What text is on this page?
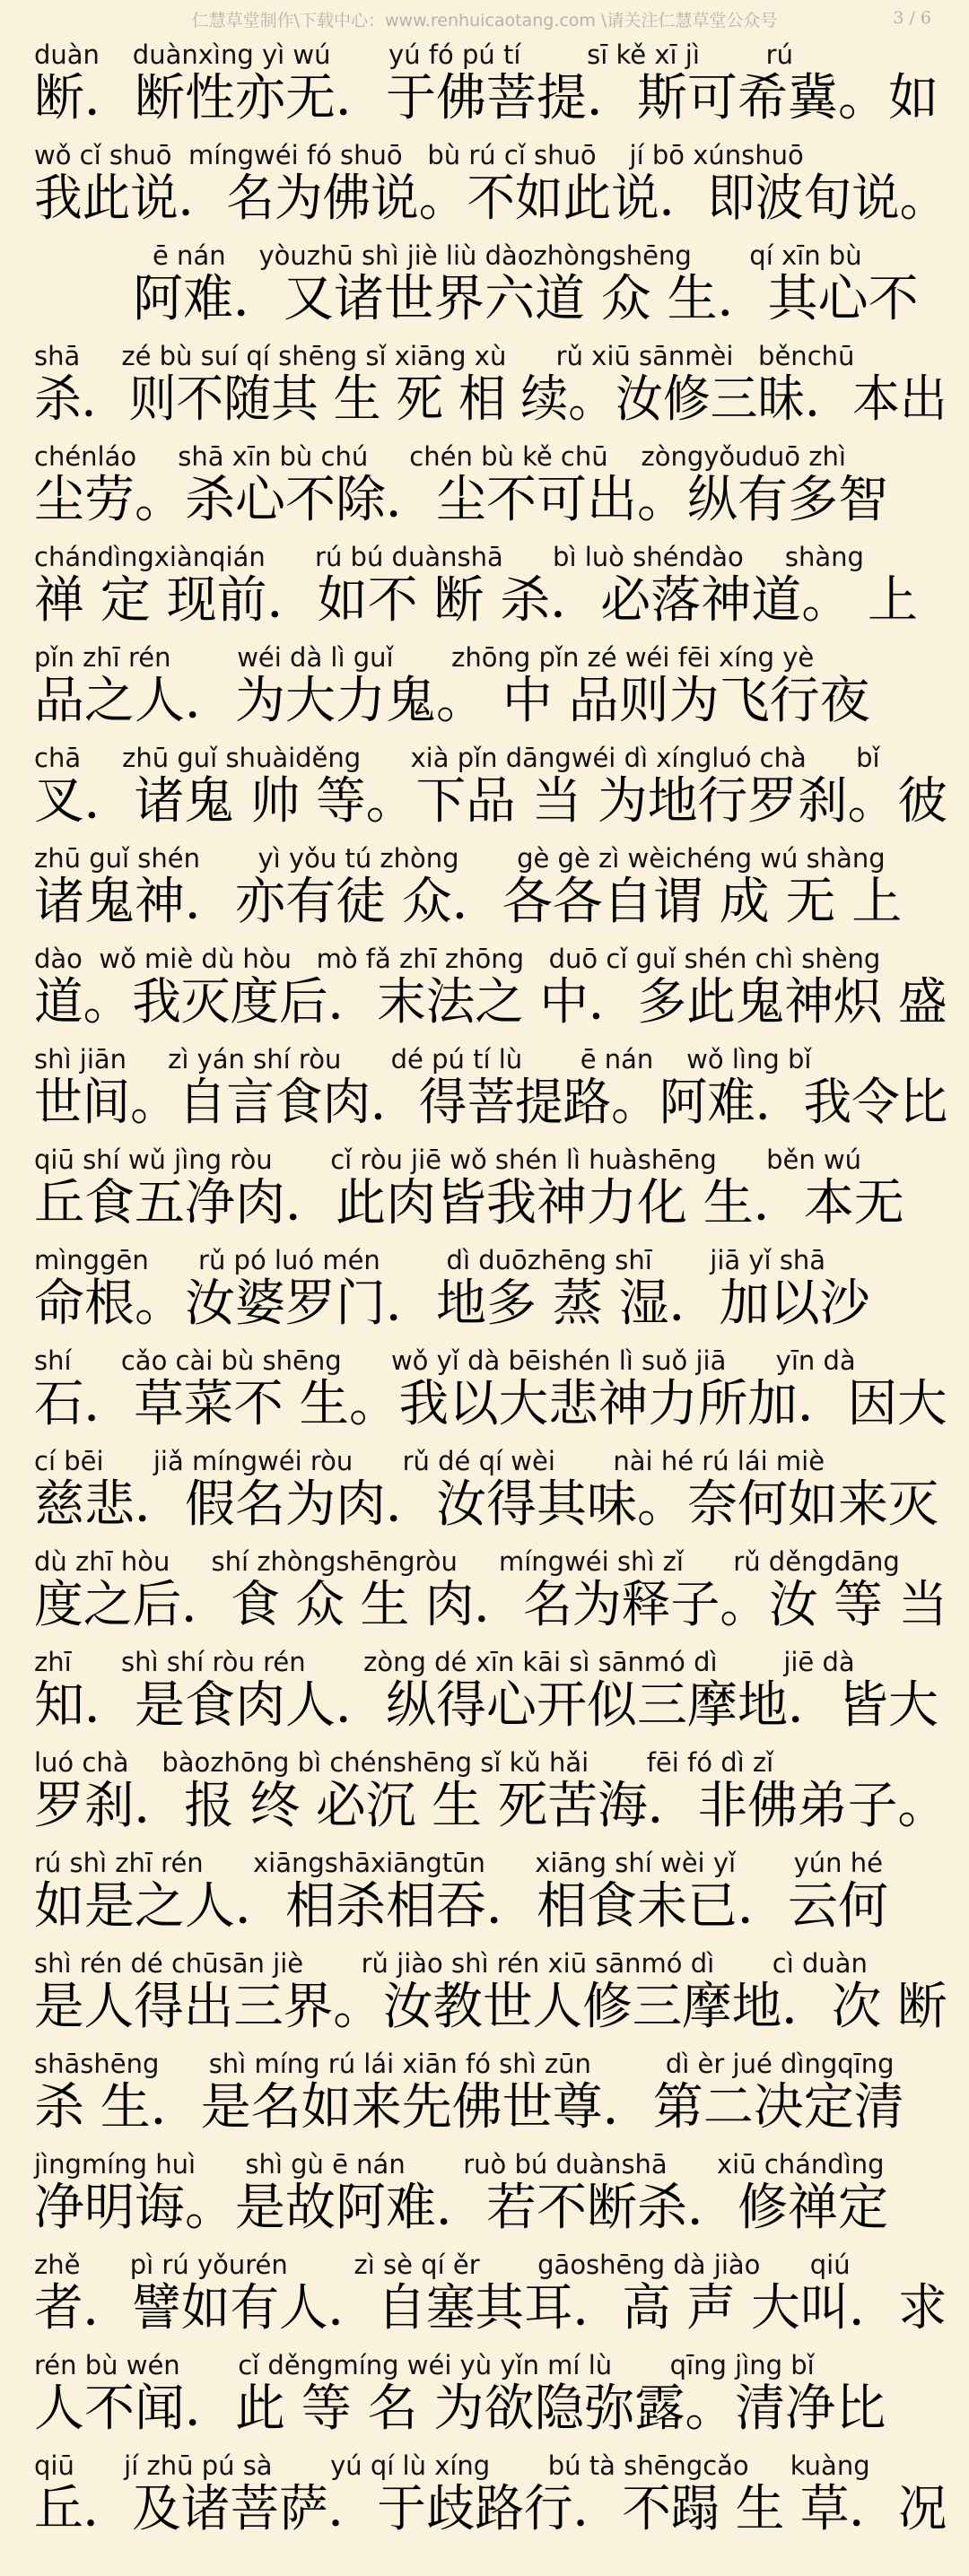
仁慧草堂制作\下载中心：www.renhuicaotang.com \请关注仁慧草堂公众号	3 / 6
duàn    duànxìng yì wú       yú fó pú tí        sī kě xī jì        rú
断．断性亦无．于佛菩提．斯可希冀。如
wǒ cǐ shuō  míngwéi fó shuō   bù rú cǐ shuō    jí bō xúnshuō
我此说．名为佛说。不如此说．即波旬说。
ē nán    yòuzhū shì jiè liù dàozhòngshēng       qí xīn bù
阿难．又诸世界六道 众 生．其心不
shā     zé bù suí qí shēng sǐ xiāng xù      rǔ xiū sānmèi   běnchū
杀．则不随其 生 死 相 续。汝修三昧．本出
chénláo     shā xīn bù chú     chén bù kě chū    zòngyǒuduō zhì
尘劳。杀心不除．尘不可出。纵有多智
chándìngxiànqián      rú bú duànshā      bì luò shéndào     shàng
禅 定 现前．如不 断 杀．必落神道。 上
pǐn zhī rén        wéi dà lì guǐ       zhōng pǐn zé wéi fēi xíng yè
品之人．为大力鬼。 中 品则为飞行夜
chā     zhū guǐ shuàiděng      xià pǐn dāngwéi dì xíngluó chà      bǐ
叉．诸鬼 帅 等。下品 当 为地行罗刹。彼
zhū guǐ shén       yì yǒu tú zhòng       gè gè zì wèichéng wú shàng
诸鬼神．亦有徒 众．各各自谓 成 无 上
dào  wǒ miè dù hòu   mò fǎ zhī zhōng   duō cǐ guǐ shén chì shèng
道。我灭度后．末法之 中．多此鬼神炽 盛
shì jiān     zì yán shí ròu      dé pú tí lù       ē nán    wǒ lìng bǐ
世间。自言食肉．得菩提路。阿难．我令比
qiū shí wǔ jìng ròu       cǐ ròu jiē wǒ shén lì huàshēng      běn wú
丘食五净肉．此肉皆我神力化 生．本无
mìnggēn      rǔ pó luó mén        dì duōzhēng shī       jiā yǐ shā
命根。汝婆罗门．地多 蒸 湿．加以沙
shí      cǎo cài bù shēng      wǒ yǐ dà bēishén lì suǒ jiā      yīn dà
石．草菜不 生。我以大悲神力所加．因大
cí bēi      jiǎ míngwéi ròu      rǔ dé qí wèi       nài hé rú lái miè
慈悲．假名为肉．汝得其味。奈何如来灭
dù zhī hòu     shí zhòngshēngròu     míngwéi shì zǐ      rǔ děngdāng
度之后．食 众 生 肉．名为释子。汝 等 当
zhī      shì shí ròu rén       zòng dé xīn kāi sì sānmó dì        jiē dà
知．是食肉人．纵得心开似三摩地．皆大
luó chà    bàozhōng bì chénshēng sǐ kǔ hǎi       fēi fó dì zǐ
罗刹．报 终 必沉 生 死苦海．非佛弟子。
rú shì zhī rén      xiāngshāxiāngtūn      xiāng shí wèi yǐ       yún hé
如是之人．相杀相吞．相食未已．云何
shì rén dé chūsān jiè       rǔ jiào shì rén xiū sānmó dì       cì duàn
是人得出三界。汝教世人修三摩地．次 断
shāshēng      shì míng rú lái xiān fó shì zūn         dì èr jué dìngqīng
杀 生．是名如来先佛世尊．第二决定清
jìngmíng huì      shì gù ē nán       ruò bú duànshā      xiū chándìng
净明诲。是故阿难．若不断杀．修禅定
zhě      pì rú yǒurén        zì sè qí ěr       gāoshēng dà jiào      qiú
者．譬如有人．自塞其耳．高 声 大叫．求
rén bù wén       cǐ děngmíng wéi yù yǐn mí lù       qīng jìng bǐ
人不闻．此 等 名 为欲隐弥露。清净比
qiū      jí zhū pú sà       yú qí lù xíng       bú tà shēngcǎo     kuàng
丘．及诸菩萨．于歧路行．不蹋 生 草．况
